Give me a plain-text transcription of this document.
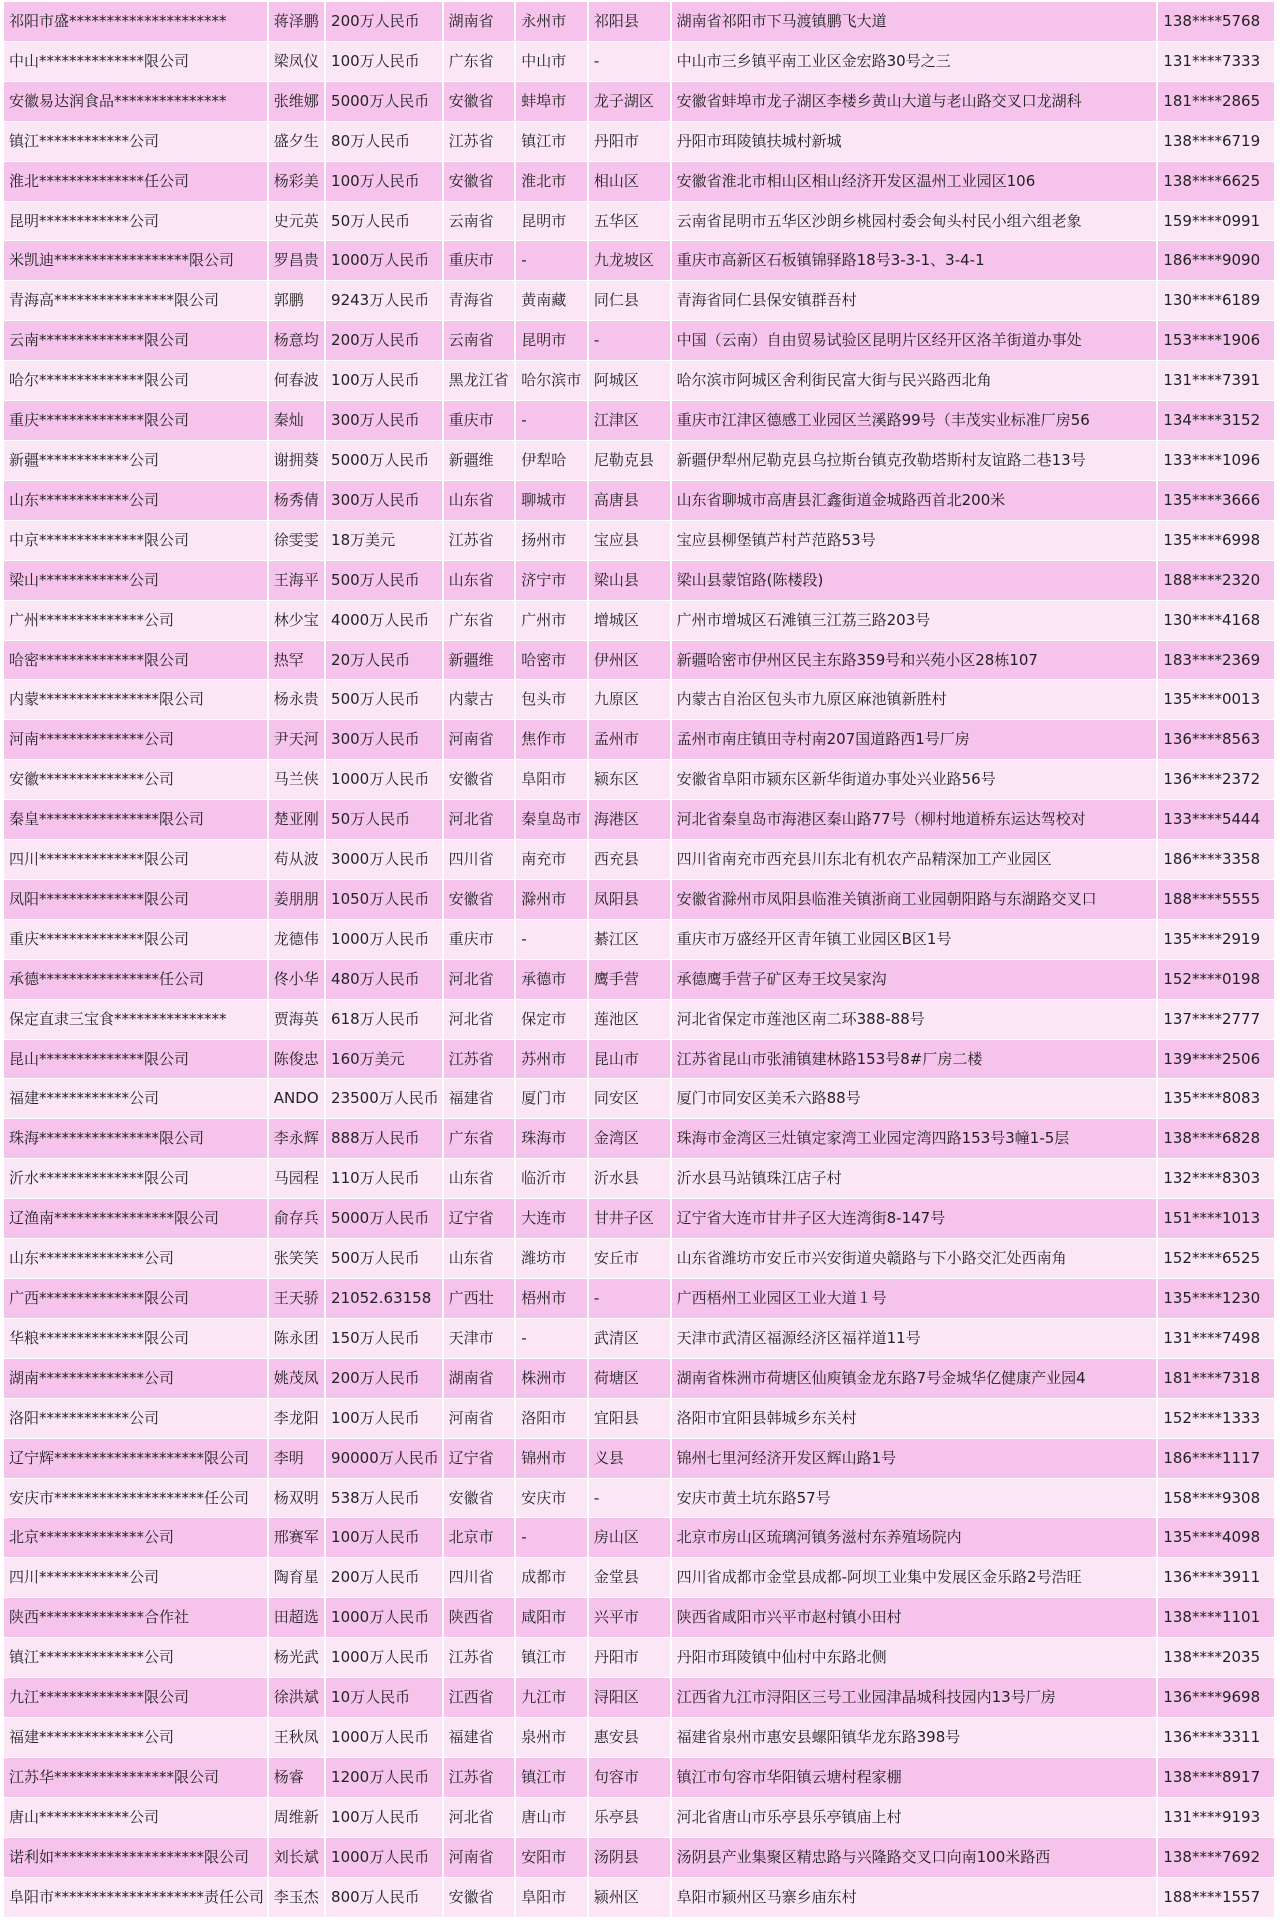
祁阳市盛*********************	蒋泽鹏	200万人民币	湖南省	永州市	祁阳县	湖南省祁阳市下马渡镇鹏飞大道	138****5768
中山**************限公司	梁凤仪	100万人民币	广东省	中山市	-	中山市三乡镇平南工业区金宏路30号之三	131****7333
安徽易达润食品***************	张维娜	5000万人民币	安徽省	蚌埠市	龙子湖区	安徽省蚌埠市龙子湖区李楼乡黄山大道与老山路交叉口龙湖科	181****2865
镇江************公司	盛夕生	80万人民币	江苏省	镇江市	丹阳市	丹阳市珥陵镇扶城村新城	138****6719
淮北**************任公司	杨彩美	100万人民币	安徽省	淮北市	相山区	安徽省淮北市相山区相山经济开发区温州工业园区106	138****6625
昆明************公司	史元英	50万人民币	云南省	昆明市	五华区	云南省昆明市五华区沙朗乡桃园村委会甸头村民小组六组老象	159****0991
米凯迪******************限公司	罗昌贵	1000万人民币	重庆市	-	九龙坡区	重庆市高新区石板镇锦驿路18号3-3-1、3-4-1	186****9090
青海高****************限公司	郭鹏	9243万人民币	青海省	黄南藏	同仁县	青海省同仁县保安镇群吾村	130****6189
云南**************限公司	杨意均	200万人民币	云南省	昆明市	-	中国（云南）自由贸易试验区昆明片区经开区洛羊街道办事处	153****1906
哈尔**************限公司	何春波	100万人民币	黑龙江省	哈尔滨市	阿城区	哈尔滨市阿城区舍利街民富大街与民兴路西北角	131****7391
重庆**************限公司	秦灿	300万人民币	重庆市	-	江津区	重庆市江津区德感工业园区兰溪路99号（丰茂实业标准厂房56	134****3152
新疆************公司	谢拥葵	5000万人民币	新疆维	伊犁哈	尼勒克县	新疆伊犁州尼勒克县乌拉斯台镇克孜勒塔斯村友谊路二巷13号	133****1096
山东************公司	杨秀倩	300万人民币	山东省	聊城市	高唐县	山东省聊城市高唐县汇鑫街道金城路西首北200米	135****3666
中京**************限公司	徐雯雯	18万美元	江苏省	扬州市	宝应县	宝应县柳堡镇芦村芦范路53号	135****6998
梁山************公司	王海平	500万人民币	山东省	济宁市	梁山县	梁山县蒙馆路(陈楼段)	188****2320
广州**************公司	林少宝	4000万人民币	广东省	广州市	增城区	广州市增城区石滩镇三江荔三路203号	130****4168
哈密**************限公司	热罕	20万人民币	新疆维	哈密市	伊州区	新疆哈密市伊州区民主东路359号和兴苑小区28栋107	183****2369
内蒙****************限公司	杨永贵	500万人民币	内蒙古	包头市	九原区	内蒙古自治区包头市九原区麻池镇新胜村	135****0013
河南**************公司	尹天河	300万人民币	河南省	焦作市	孟州市	孟州市南庄镇田寺村南207国道路西1号厂房	136****8563
安徽**************公司	马兰侠	1000万人民币	安徽省	阜阳市	颍东区	安徽省阜阳市颍东区新华街道办事处兴业路56号	136****2372
秦皇****************限公司	楚亚刚	50万人民币	河北省	秦皇岛市	海港区	河北省秦皇岛市海港区秦山路77号（柳村地道桥东运达驾校对	133****5444
四川**************限公司	苟从波	3000万人民币	四川省	南充市	西充县	四川省南充市西充县川东北有机农产品精深加工产业园区	186****3358
凤阳**************限公司	姜朋朋	1050万人民币	安徽省	滁州市	凤阳县	安徽省滁州市凤阳县临淮关镇浙商工业园朝阳路与东湖路交叉口	188****5555
重庆**************限公司	龙德伟	1000万人民币	重庆市	-	綦江区	重庆市万盛经开区青年镇工业园区B区1号	135****2919
承德****************任公司	佟小华	480万人民币	河北省	承德市	鹰手营	承德鹰手营子矿区寿王坟吴家沟	152****0198
保定直隶三宝食***************	贾海英	618万人民币	河北省	保定市	莲池区	河北省保定市莲池区南二环388-88号	137****2777
昆山**************限公司	陈俊忠	160万美元	江苏省	苏州市	昆山市	江苏省昆山市张浦镇建林路153号8#厂房二楼	139****2506
福建************公司	ANDO	23500万人民币	福建省	厦门市	同安区	厦门市同安区美禾六路88号	135****8083
珠海****************限公司	李永辉	888万人民币	广东省	珠海市	金湾区	珠海市金湾区三灶镇定家湾工业园定湾四路153号3幢1-5层	138****6828
沂水**************限公司	马园程	110万人民币	山东省	临沂市	沂水县	沂水县马站镇珠江店子村	132****8303
辽渔南****************限公司	俞存兵	5000万人民币	辽宁省	大连市	甘井子区	辽宁省大连市甘井子区大连湾街8-147号	151****1013
山东**************公司	张笑笑	500万人民币	山东省	潍坊市	安丘市	山东省潍坊市安丘市兴安街道央赣路与下小路交汇处西南角	152****6525
广西**************限公司	王天骄	21052.63158	广西壮	梧州市	-	广西梧州工业园区工业大道１号	135****1230
华粮**************限公司	陈永团	150万人民币	天津市	-	武清区	天津市武清区福源经济区福祥道11号	131****7498
湖南**************公司	姚茂凤	200万人民币	湖南省	株洲市	荷塘区	湖南省株洲市荷塘区仙庾镇金龙东路7号金城华亿健康产业园4	181****7318
洛阳************公司	李龙阳	100万人民币	河南省	洛阳市	宜阳县	洛阳市宜阳县韩城乡东关村	152****1333
辽宁辉********************限公司	李明	90000万人民币	辽宁省	锦州市	义县	锦州七里河经济开发区辉山路1号	186****1117
安庆市********************任公司	杨双明	538万人民币	安徽省	安庆市	-	安庆市黄土坑东路57号	158****9308
北京**************公司	邢赛军	100万人民币	北京市	-	房山区	北京市房山区琉璃河镇务滋村东养殖场院内	135****4098
四川************公司	陶育星	200万人民币	四川省	成都市	金堂县	四川省成都市金堂县成都-阿坝工业集中发展区金乐路2号浩旺	136****3911
陕西**************合作社	田超选	1000万人民币	陕西省	咸阳市	兴平市	陕西省咸阳市兴平市赵村镇小田村	138****1101
镇江**************公司	杨光武	1000万人民币	江苏省	镇江市	丹阳市	丹阳市珥陵镇中仙村中东路北侧	138****2035
九江**************限公司	徐洪斌	10万人民币	江西省	九江市	浔阳区	江西省九江市浔阳区三号工业园津晶城科技园内13号厂房	136****9698
福建**************公司	王秋凤	1000万人民币	福建省	泉州市	惠安县	福建省泉州市惠安县螺阳镇华龙东路398号	136****3311
江苏华****************限公司	杨睿	1200万人民币	江苏省	镇江市	句容市	镇江市句容市华阳镇云塘村程家棚	138****8917
唐山************公司	周维新	100万人民币	河北省	唐山市	乐亭县	河北省唐山市乐亭县乐亭镇庙上村	131****9193
诺利如********************限公司	刘长斌	1000万人民币	河南省	安阳市	汤阴县	汤阴县产业集聚区精忠路与兴隆路交叉口向南100米路西	138****7692
阜阳市********************责任公司	李玉杰	800万人民币	安徽省	阜阳市	颍州区	阜阳市颍州区马寨乡庙东村	188****1557
